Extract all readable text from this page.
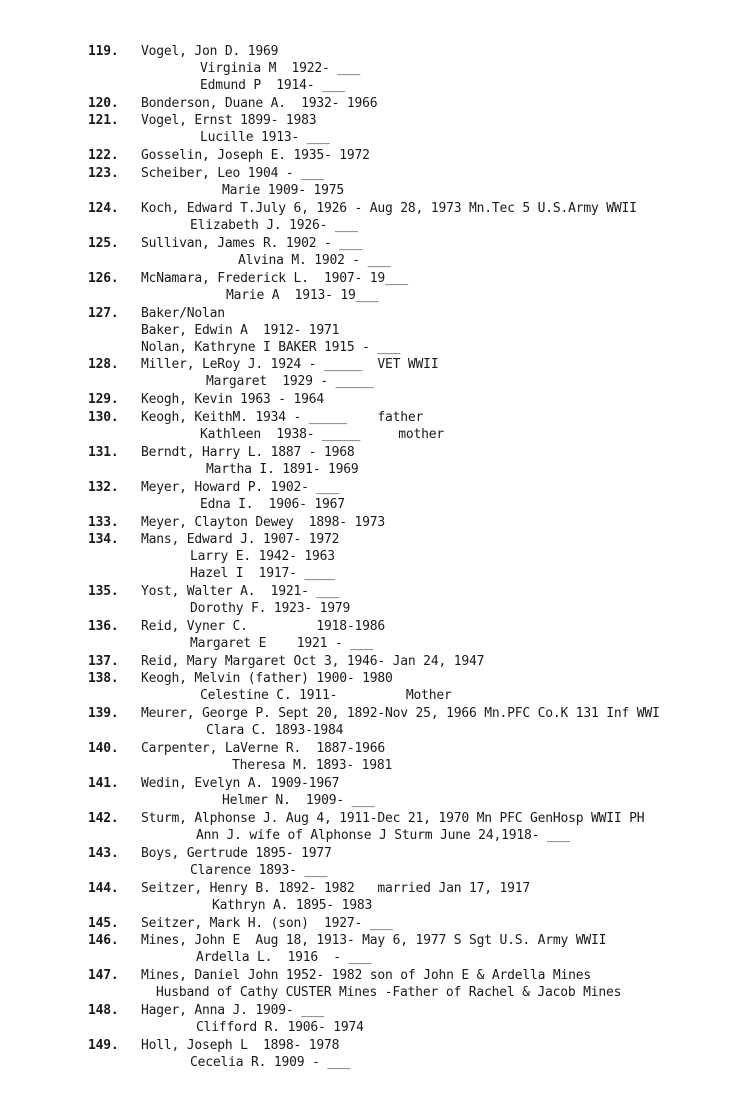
119.	Vogel, Jon D. 1969
Virginia M  1922- ___
Edmund P  1914- ___
120.	Bonderson, Duane A.  1932- 1966
121.	Vogel, Ernst 1899- 1983
Lucille 1913- ___
122.	Gosselin, Joseph E. 1935- 1972
123.	Scheiber, Leo 1904 - ___
Marie 1909- 1975
124.	Koch, Edward T.July 6, 1926 - Aug 28, 1973 Mn.Tec 5 U.S.Army WWII
Elizabeth J. 1926- ___
125.	Sullivan, James R. 1902 - ___
Alvina M. 1902 - ___
126.	McNamara, Frederick L.  1907- 19___
Marie A  1913- 19___
127.	Baker/Nolan
Baker, Edwin A  1912- 1971
Nolan, Kathryne I BAKER 1915 - ___
128.	Miller, LeRoy J. 1924 - _____  VET WWII
Margaret  1929 - _____
129.	Keogh, Kevin 1963 - 1964
130.	Keogh, KeithM. 1934 - _____    father
Kathleen  1938- _____     mother
131.	Berndt, Harry L. 1887 - 1968
Martha I. 1891- 1969
132.	Meyer, Howard P. 1902- ___
Edna I.  1906- 1967
133.	Meyer, Clayton Dewey  1898- 1973
134.	Mans, Edward J. 1907- 1972
Larry E. 1942- 1963
Hazel I  1917- ____
135.	Yost, Walter A.  1921- ___
Dorothy F. 1923- 1979
136.	Reid, Vyner C.         1918-1986
Margaret E    1921 - ___
137.	Reid, Mary Margaret Oct 3, 1946- Jan 24, 1947
138.	Keogh, Melvin (father) 1900- 1980
Celestine C. 1911-         Mother
139.	Meurer, George P. Sept 20, 1892-Nov 25, 1966 Mn.PFC Co.K 131 Inf WWI
Clara C. 1893-1984
140.	Carpenter, LaVerne R.  1887-1966
Theresa M. 1893- 1981
141.	Wedin, Evelyn A. 1909-1967
Helmer N.  1909- ___
142.	Sturm, Alphonse J. Aug 4, 1911-Dec 21, 1970 Mn PFC GenHosp WWII PH
Ann J. wife of Alphonse J Sturm June 24,1918- ___
143.	Boys, Gertrude 1895- 1977
Clarence 1893- ___
144.	Seitzer, Henry B. 1892- 1982   married Jan 17, 1917
Kathryn A. 1895- 1983
145.	Seitzer, Mark H. (son)  1927- ___
146.	Mines, John E  Aug 18, 1913- May 6, 1977 S Sgt U.S. Army WWII
Ardella L.  1916  - ___
147.	Mines, Daniel John 1952- 1982 son of John E & Ardella Mines
Husband of Cathy CUSTER Mines -Father of Rachel & Jacob Mines
148.	Hager, Anna J. 1909- ___
Clifford R. 1906- 1974
149.	Holl, Joseph L  1898- 1978
Cecelia R. 1909 - ___
